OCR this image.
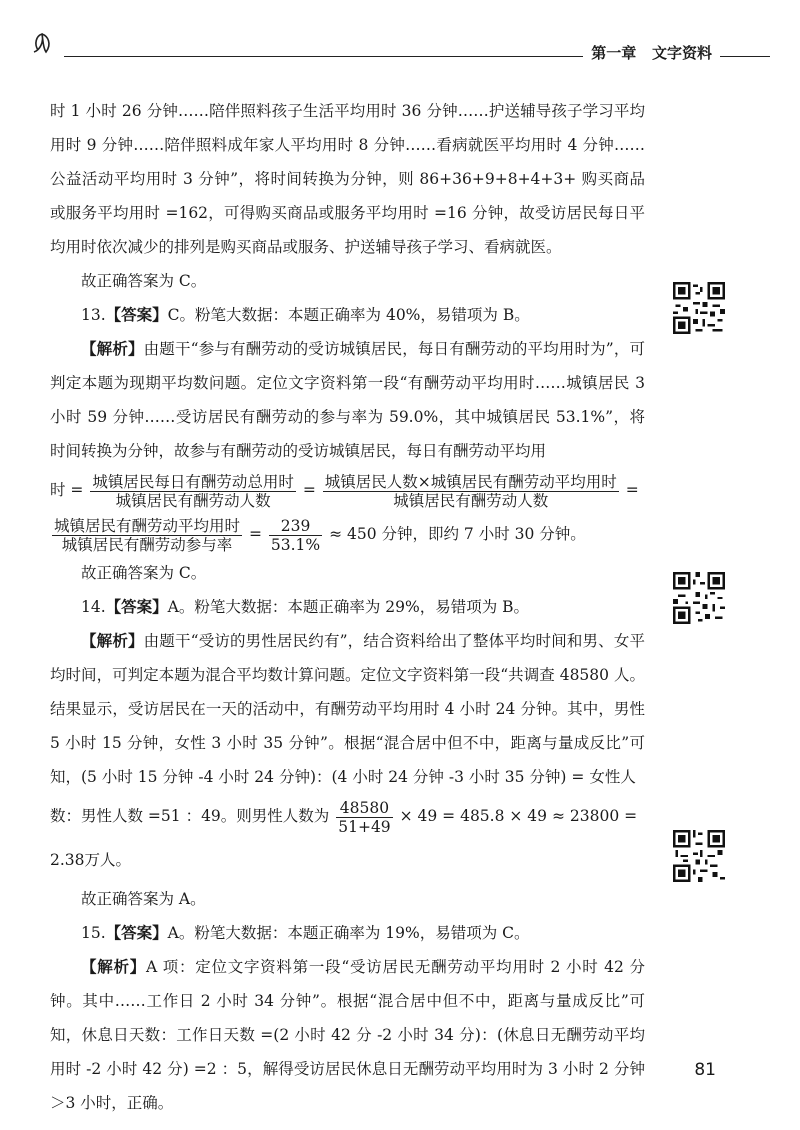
第一章 文字资料

时 1 小时 26 分钟……陪伴照料孩子生活平均用时 36 分钟……护送辅导孩子学习平均用时 9 分钟……陪伴照料成年家人平均用时 8 分钟……看病就医平均用时 4 分钟……公益活动平均用时 3 分钟”，将时间转换为分钟，则 86+36+9+8+4+3+ 购买商品或服务平均用时 =162，可得购买商品或服务平均用时 =16 分钟，故受访居民每日平均用时依次减少的排列是购买商品或服务、护送辅导孩子学习、看病就医。

故正确答案为 C。

13.【答案】C。粉笔大数据：本题正确率为 40%，易错项为 B。

【解析】由题干“参与有酬劳动的受访城镇居民，每日有酬劳动的平均用时为”，可判定本题为现期平均数问题。定位文字资料第一段“有酬劳动平均用时……城镇居民 3 小时 59 分钟……受访居民有酬劳动的参与率为 59.0%，其中城镇居民 53.1%”，将时间转换为分钟，故参与有酬劳动的受访城镇居民，每日有酬劳动平均用

时 = $\frac{\text{城镇居民每日有酬劳动总用时}}{\text{城镇居民有酬劳动人数}} = \frac{\text{城镇居民人数×城镇居民有酬劳动平均用时}}{\text{城镇居民有酬劳动人数}}$ =

$\frac{\text{城镇居民有酬劳动平均用时}}{\text{城镇居民有酬劳动参与率}} = \frac{239}{53.1\%} \approx 450$ 分钟，即约 7 小时 30 分钟。

故正确答案为 C。

14.【答案】A。粉笔大数据：本题正确率为 29%，易错项为 B。

【解析】由题干“受访的男性居民约有”，结合资料给出了整体平均时间和男、女平均时间，可判定本题为混合平均数计算问题。定位文字资料第一段“共调查 48580 人。结果显示，受访居民在一天的活动中，有酬劳动平均用时 4 小时 24 分钟。其中，男性 5 小时 15 分钟，女性 3 小时 35 分钟”。根据“混合居中但不中，距离与量成反比”可知，(5 小时 15 分钟 -4 小时 24 分钟)：(4 小时 24 分钟 -3 小时 35 分钟) = 女性人

数：男性人数 =51 ：49。则男性人数为 $\frac{48580}{51+49} \times 49 = 485.8 \times 49 \approx 23800 = 2.38$万人。

故正确答案为 A。

15.【答案】A。粉笔大数据：本题正确率为 19%，易错项为 C。

【解析】A 项：定位文字资料第一段“受访居民无酬劳动平均用时 2 小时 42 分钟。其中……工作日 2 小时 34 分钟”。根据“混合居中但不中，距离与量成反比”可知，休息日天数：工作日天数 =(2 小时 42 分 -2 小时 34 分)：(休息日无酬劳动平均用时 -2 小时 42 分) =2 ：5，解得受访居民休息日无酬劳动平均用时为 3 小时 2 分钟＞3 小时，正确。

81
